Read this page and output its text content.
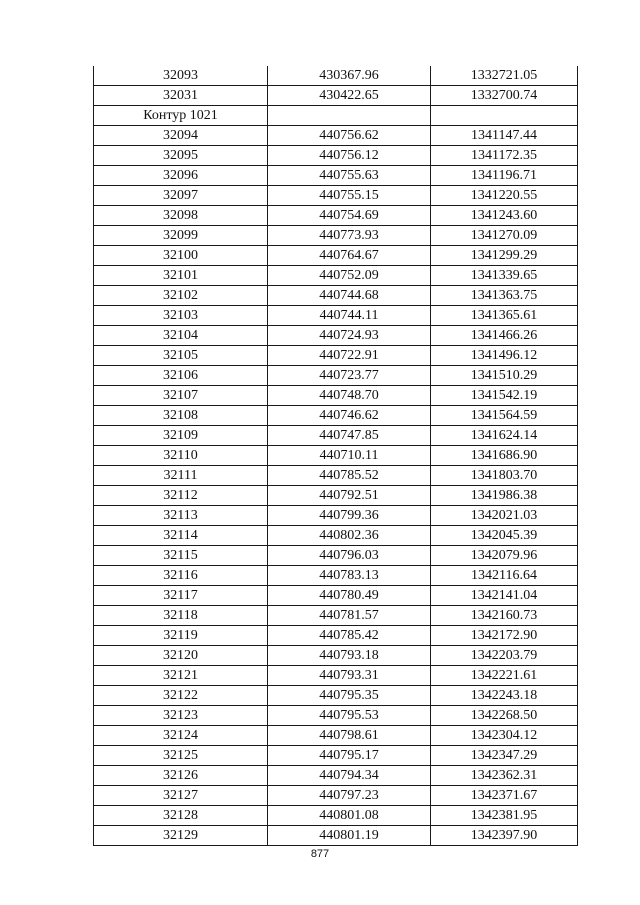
32093	430367.96	1332721.05
32031	430422.65	1332700.74
Контур 1021		
32094	440756.62	1341147.44
32095	440756.12	1341172.35
32096	440755.63	1341196.71
32097	440755.15	1341220.55
32098	440754.69	1341243.60
32099	440773.93	1341270.09
32100	440764.67	1341299.29
32101	440752.09	1341339.65
32102	440744.68	1341363.75
32103	440744.11	1341365.61
32104	440724.93	1341466.26
32105	440722.91	1341496.12
32106	440723.77	1341510.29
32107	440748.70	1341542.19
32108	440746.62	1341564.59
32109	440747.85	1341624.14
32110	440710.11	1341686.90
32111	440785.52	1341803.70
32112	440792.51	1341986.38
32113	440799.36	1342021.03
32114	440802.36	1342045.39
32115	440796.03	1342079.96
32116	440783.13	1342116.64
32117	440780.49	1342141.04
32118	440781.57	1342160.73
32119	440785.42	1342172.90
32120	440793.18	1342203.79
32121	440793.31	1342221.61
32122	440795.35	1342243.18
32123	440795.53	1342268.50
32124	440798.61	1342304.12
32125	440795.17	1342347.29
32126	440794.34	1342362.31
32127	440797.23	1342371.67
32128	440801.08	1342381.95
32129	440801.19	1342397.90
877
